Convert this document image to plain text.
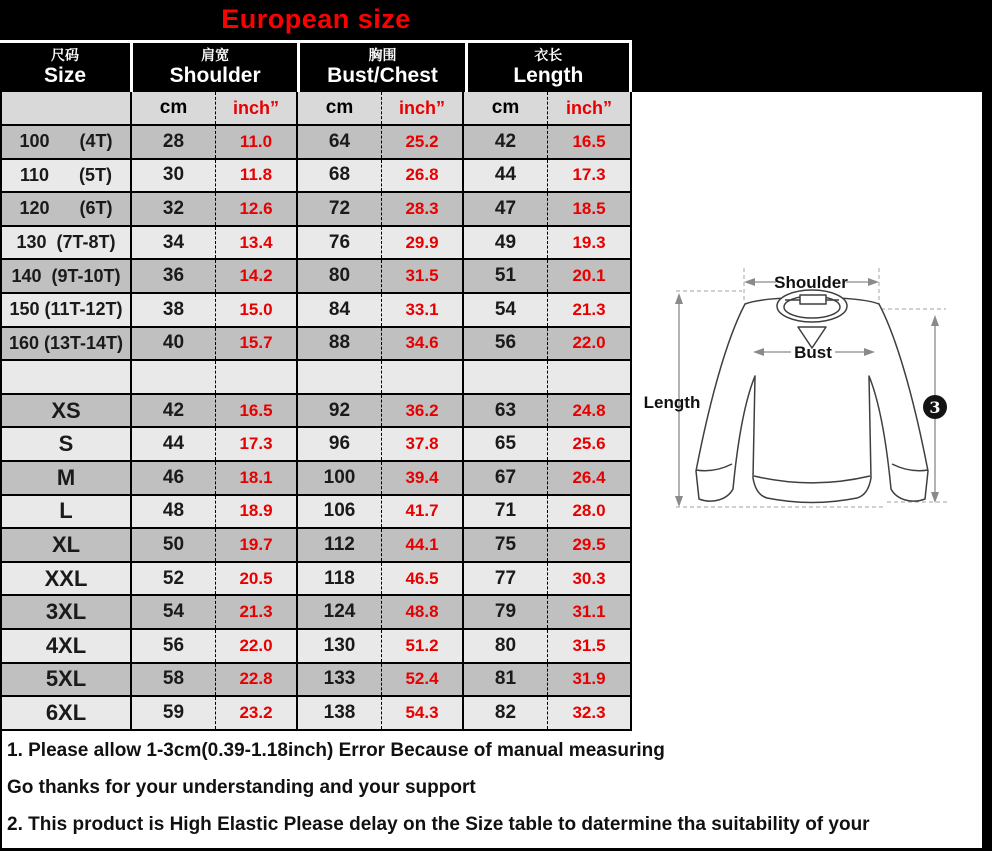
European size
尺码
Size
肩宽
Shoulder
胸围
Bust/Chest
衣长
Length
cm	inch”	cm	inch”	cm	inch”
100      (4T)	28	11.0	64	25.2	42	16.5
110      (5T)	30	11.8	68	26.8	44	17.3
120      (6T)	32	12.6	72	28.3	47	18.5
130  (7T-8T)	34	13.4	76	29.9	49	19.3
140  (9T-10T)	36	14.2	80	31.5	51	20.1
150 (11T-12T)	38	15.0	84	33.1	54	21.3
160 (13T-14T)	40	15.7	88	34.6	56	22.0
XS	42	16.5	92	36.2	63	24.8
S	44	17.3	96	37.8	65	25.6
M	46	18.1	100	39.4	67	26.4
L	48	18.9	106	41.7	71	28.0
XL	50	19.7	112	44.1	75	29.5
XXL	52	20.5	118	46.5	77	30.3
3XL	54	21.3	124	48.8	79	31.1
4XL	56	22.0	130	51.2	80	31.5
5XL	58	22.8	133	52.4	81	31.9
6XL	59	23.2	138	54.3	82	32.3
Shoulder
Bust
Length	3

1. Please allow 1-3cm(0.39-1.18inch) Error Because of manual measuring

Go thanks for your understanding and your support

2. This product is High Elastic Please delay on the Size table to datermine tha suitability of your
